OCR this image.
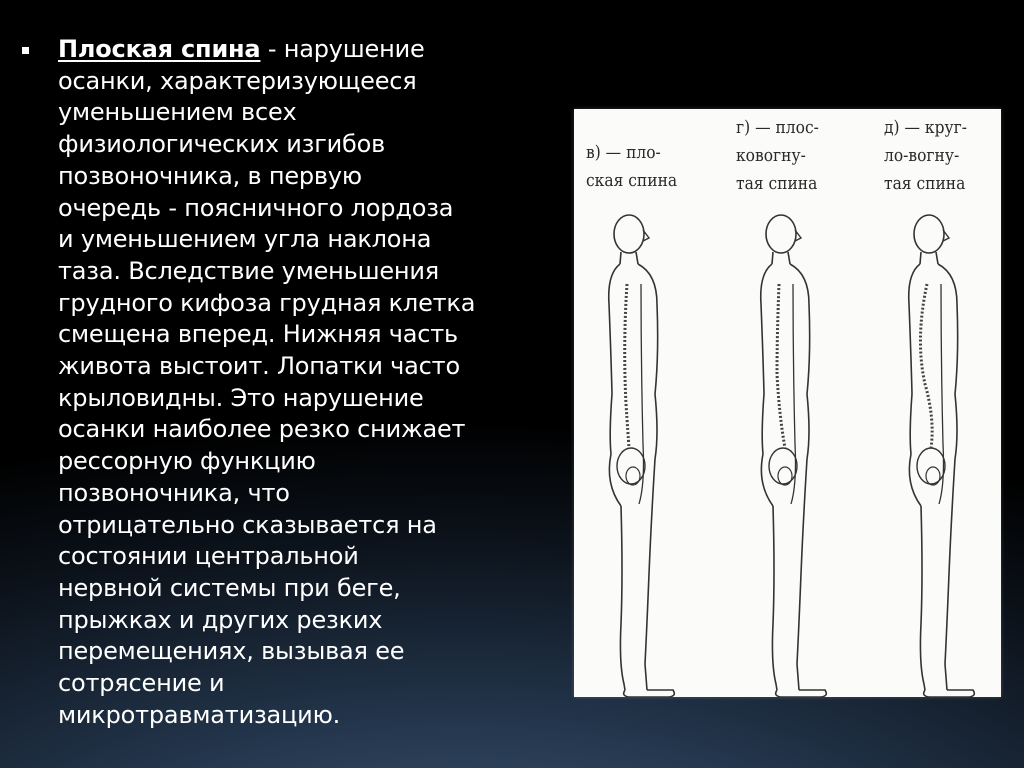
Плоская спина - нарушение
осанки, характеризующееся
уменьшением всех
физиологических изгибов
позвоночника, в первую
очередь - поясничного лордоза
и уменьшением угла наклона
таза. Вследствие уменьшения
грудного кифоза грудная клетка
смещена вперед. Нижняя часть
живота выстоит. Лопатки часто
крыловидны. Это нарушение
осанки наиболее резко снижает
рессорную функцию
позвоночника, что
отрицательно сказывается на
состоянии центральной
нервной системы при беге,
прыжках и других резких
перемещениях, вызывая ее
сотрясение и
микротравматизацию.
в) — пло-
ская спина
г) — плос-
ковогну-
тая спина
д) — круг-
ло-вогну-
тая спина
